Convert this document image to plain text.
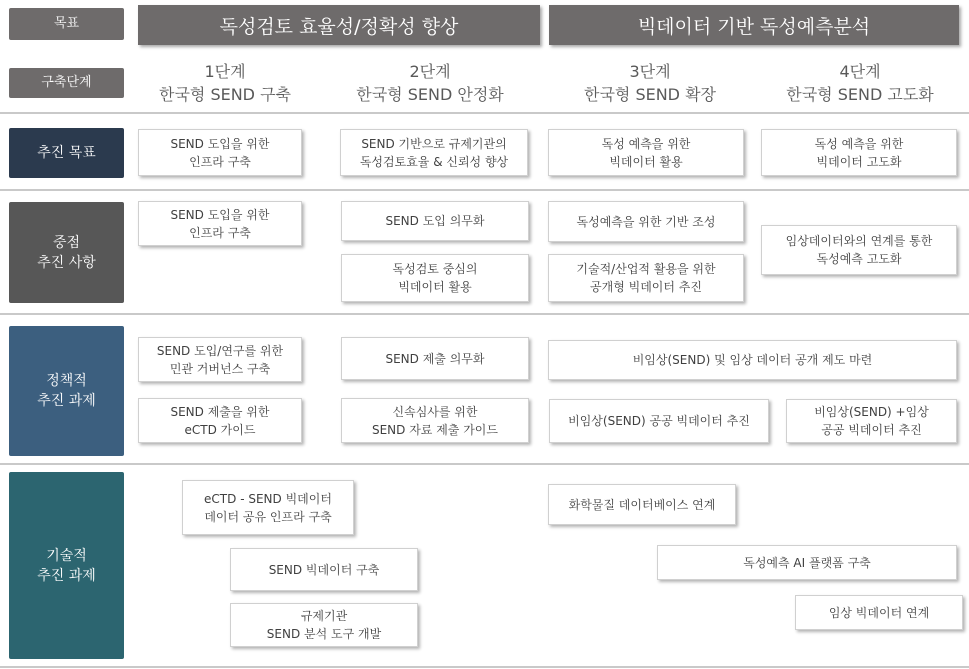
목표
구축단계
추진 목표
중점
추진 사항
정책적
추진 과제
기술적
추진 과제
독성검토 효율성/정확성 향상	빅데이터 기반 독성예측분석
1단계
한국형 SEND 구축
2단계
한국형 SEND 안정화
3단계
한국형 SEND 확장
4단계
한국형 SEND 고도화
SEND 도입을 위한
인프라 구축
SEND 기반으로 규제기관의
독성검토효율 & 신뢰성 향상
독성 예측을 위한
빅데이터 활용
독성 예측을 위한
빅데이터 고도화
SEND 도입을 위한
인프라 구축
SEND 도입 의무화
독성검토 중심의
빅데이터 활용
독성예측을 위한 기반 조성
기술적/산업적 활용을 위한
공개형 빅데이터 추진
임상데이터와의 연계를 통한
독성예측 고도화
SEND 도입/연구를 위한
민관 거버넌스 구축
SEND 제출을 위한
eCTD 가이드
SEND 제출 의무화
신속심사를 위한
SEND 자료 제출 가이드
비임상(SEND) 및 임상 데이터 공개 제도 마련
비임상(SEND) 공공 빅데이터 추진
비임상(SEND) +임상
공공 빅데이터 추진
eCTD - SEND 빅데이터
데이터 공유 인프라 구축
SEND 빅데이터 구축
규제기관
SEND 분석 도구 개발
화학물질 데이터베이스 연계
독성예측 AI 플랫폼 구축
임상 빅데이터 연계
